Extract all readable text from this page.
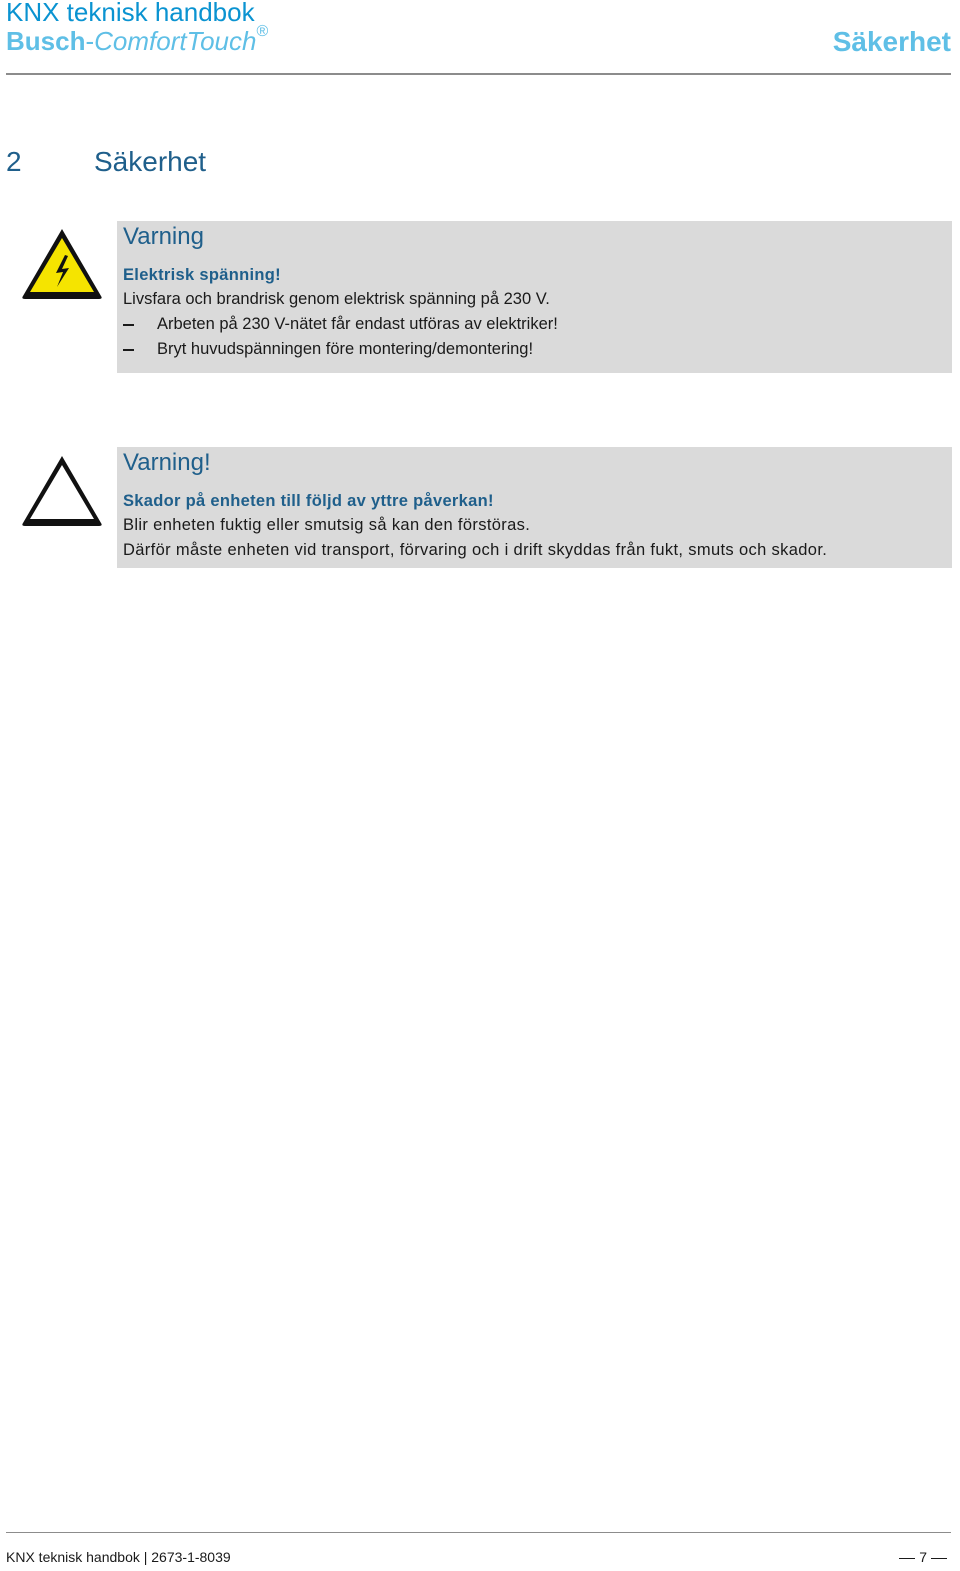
KNX teknisk handbok
Busch-ComfortTouch®	Säkerhet
2	Säkerhet
Varning
Elektrisk spänning!
Livsfara och brandrisk genom elektrisk spänning på 230 V.
Arbeten på 230 V-nätet får endast utföras av elektriker!
Bryt huvudspänningen före montering/demontering!
Varning!
Skador på enheten till följd av yttre påverkan!
Blir enheten fuktig eller smutsig så kan den förstöras.
Därför måste enheten vid transport, förvaring och i drift skyddas från fukt, smuts och skador.
KNX teknisk handbok | 2673-1-8039	7
